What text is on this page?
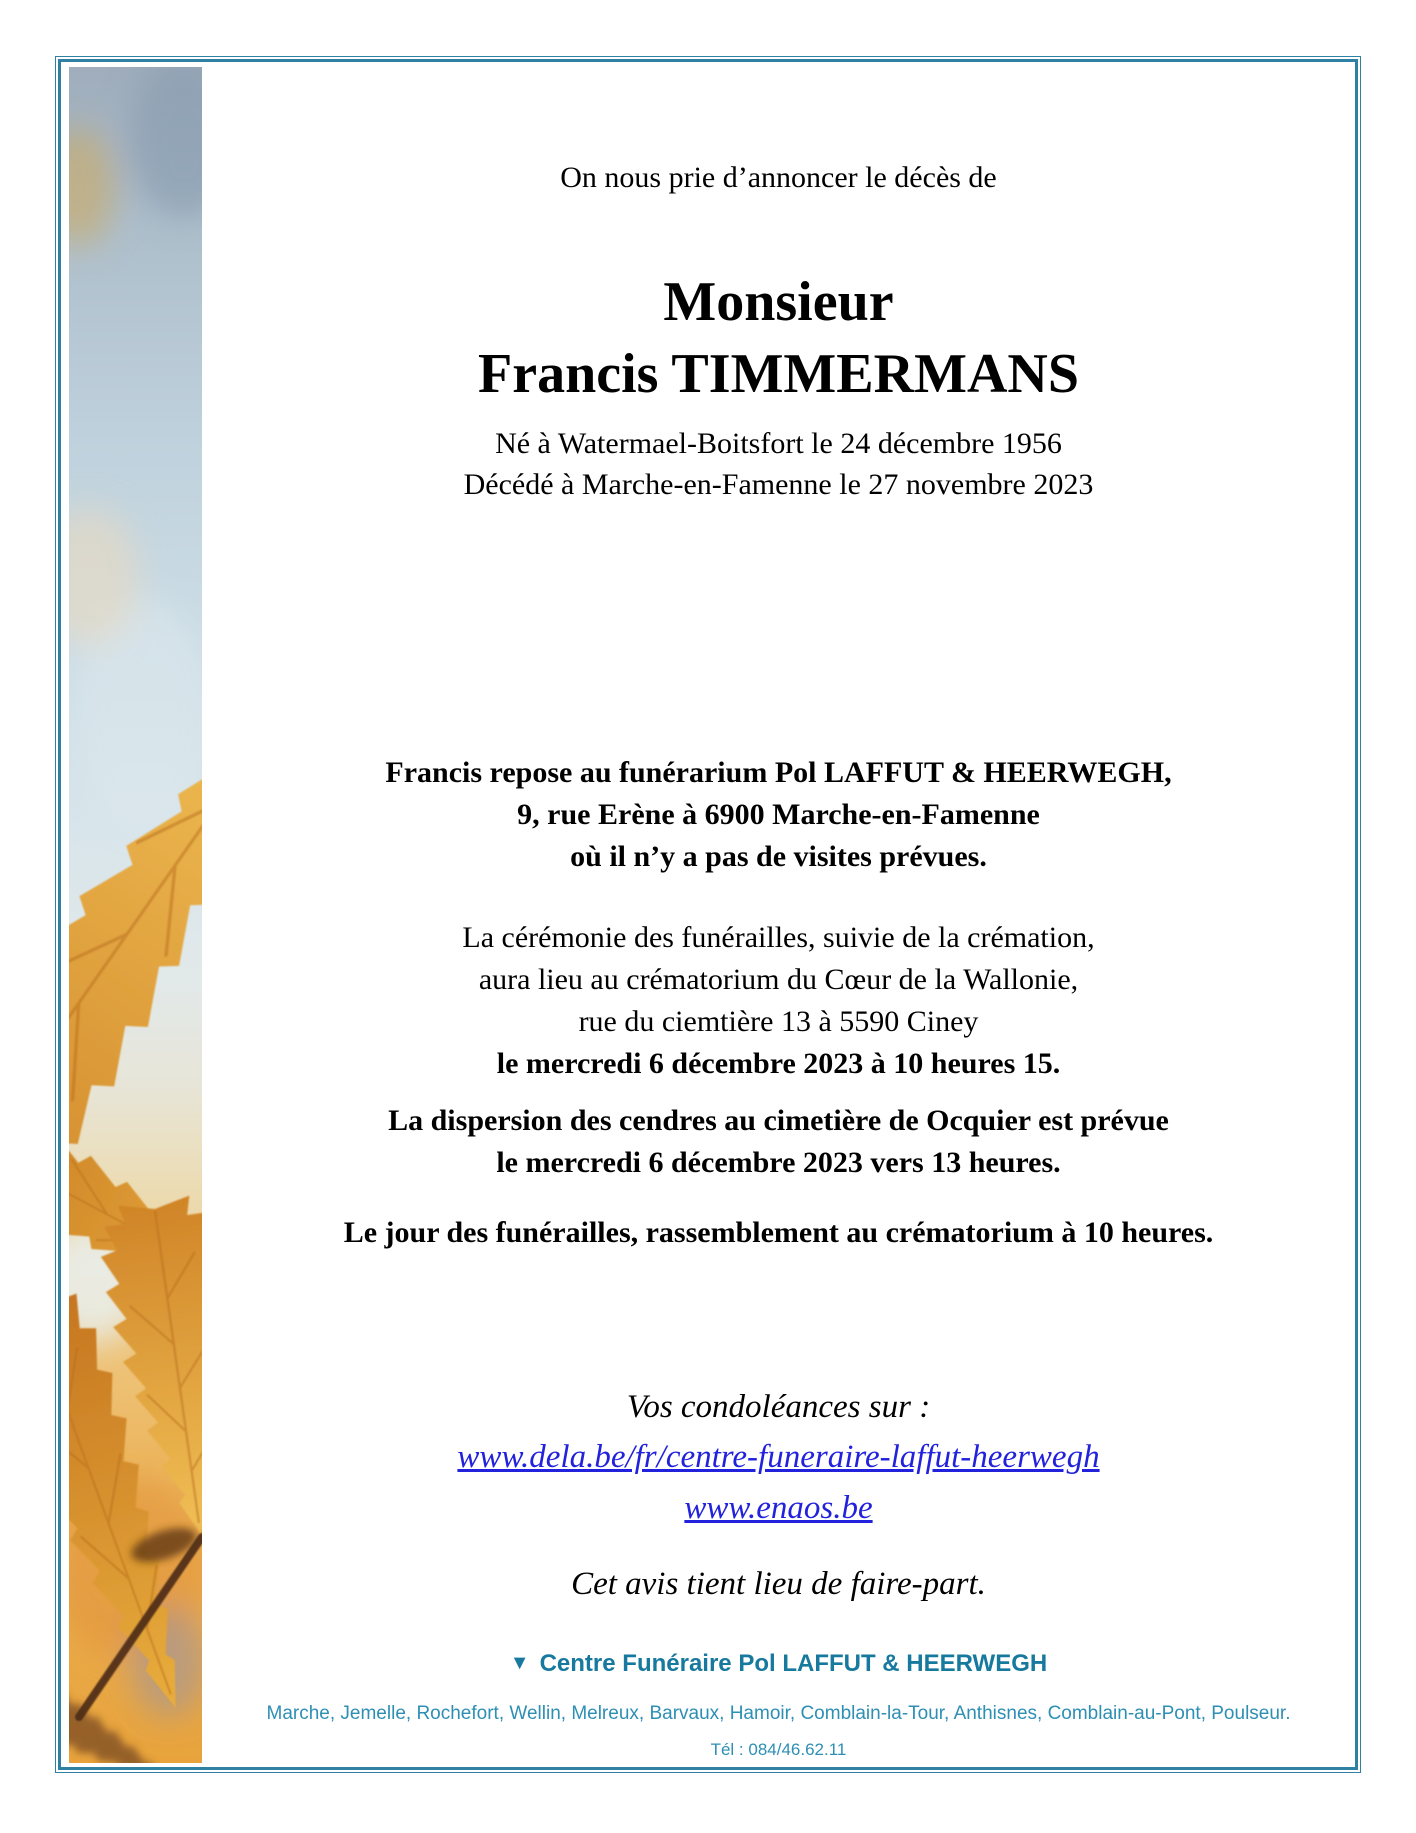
On nous prie d’annoncer le décès de
Monsieur
Francis TIMMERMANS
Né à Watermael-Boitsfort le 24 décembre 1956
Décédé à Marche-en-Famenne le 27 novembre 2023
Francis repose au funérarium Pol LAFFUT & HEERWEGH,
9, rue Erène à 6900 Marche-en-Famenne
où il n’y a pas de visites prévues.
La cérémonie des funérailles, suivie de la crémation,
aura lieu au crématorium du Cœur de la Wallonie,
rue du ciemtière 13 à 5590 Ciney
le mercredi 6 décembre 2023 à 10 heures 15.
La dispersion des cendres au cimetière de Ocquier est prévue
le mercredi 6 décembre 2023 vers 13 heures.
Le jour des funérailles, rassemblement au crématorium à 10 heures.
Vos condoléances sur :
www.dela.be/fr/centre-funeraire-laffut-heerwegh
www.enaos.be
Cet avis tient lieu de faire-part.
▼ Centre Funéraire Pol LAFFUT & HEERWEGH
Marche, Jemelle, Rochefort, Wellin, Melreux, Barvaux, Hamoir, Comblain-la-Tour, Anthisnes, Comblain-au-Pont, Poulseur.
Tél : 084/46.62.11
